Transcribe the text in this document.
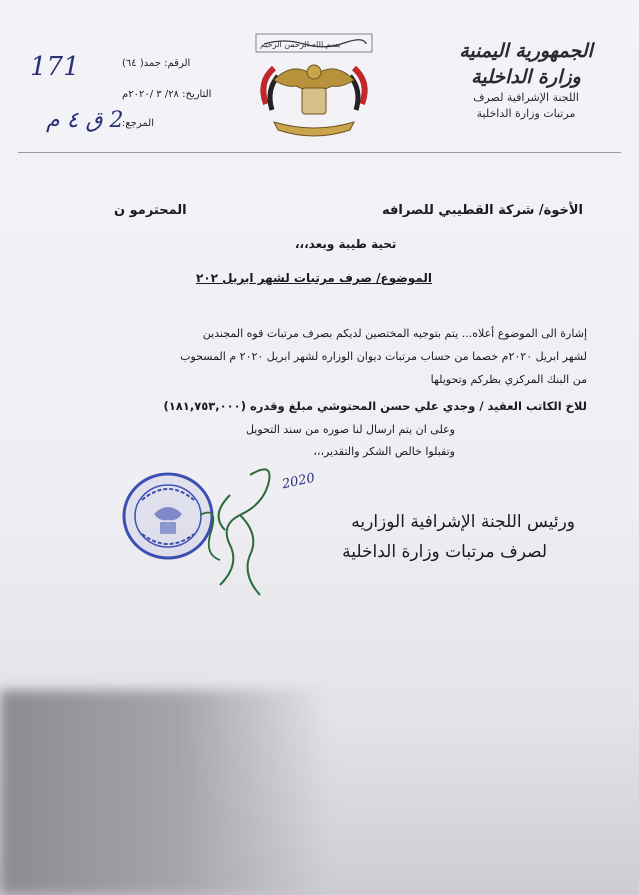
الجمهورية اليمنية
وزارة الداخلية
اللجنة الإشرافية لصرف
مرتبات وزارة الداخلية
بسم الله الرحمن الرحيم
الرقم: جمد( ٦٤)
التاريخ: ٢٨/ ٣ /٢٠٢٠م
المرجع:
171
2 ق ٤ م
الأخوة/ شركة القطيبي للصرافه
المحترمو ن
تحية طيبة وبعد،،،
الموضوع/ صرف مرتبات لشهر ابريل ٢٠٢
إشارة الى الموضوع أعلاه... يتم بتوجيه المختصين لديكم بصرف مرتبات قوه المجندين
لشهر ابريل ٢٠٢٠م خصما من حساب مرتبات ديوان الوزاره لشهر ابريل ٢٠٢٠ م المسحوب
من البنك المركزي بظركم وتحويلها
للاخ الكاتب العقيد / وجدي علي حسن المحتوشي مبلغ وقدره (١٨١,٧٥٣,٠٠٠)
وعلى ان يتم ارسال لنا صوره من سند التحويل
وتقبلوا خالص الشكر والتقدير،،،
2020
ورئيس اللجنة الإشرافية الوزاريه
لصرف مرتبات وزارة الداخلية
